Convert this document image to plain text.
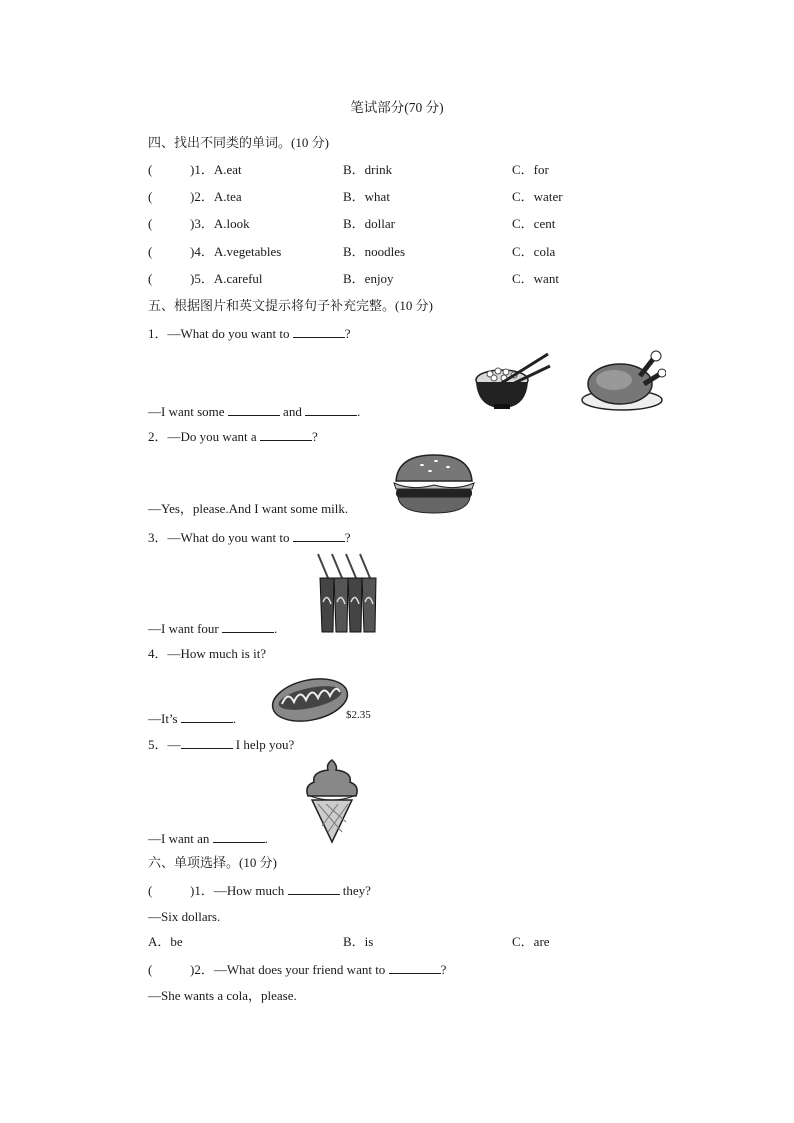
笔试部分(70 分)
四、找出不同类的单词。(10 分)
(	)1．A.eat	B．drink	C．for
(	)2．A.tea	B．what	C．water
(	)3．A.look	B．dollar	C．cent
(	)4．A.vegetables	B．noodles	C．cola
(	)5．A.careful	B．enjoy	C．want
五、根据图片和英文提示将句子补充完整。(10 分)
1．—What do you want to	?
—I want some	and	.
2．—Do you want a	?
—Yes，please.And I want some milk.
3．—What do you want to	?
—I want four	.
4．—How much is it?
—It’s	.	$2.35
5．—	I help you?
—I want an	.
六、单项选择。(10 分)
(	)1．—How much	they?
—Six dollars.
A．be	B．is	C．are
(	)2．—What does your friend want to	?
—She wants a cola，please.
